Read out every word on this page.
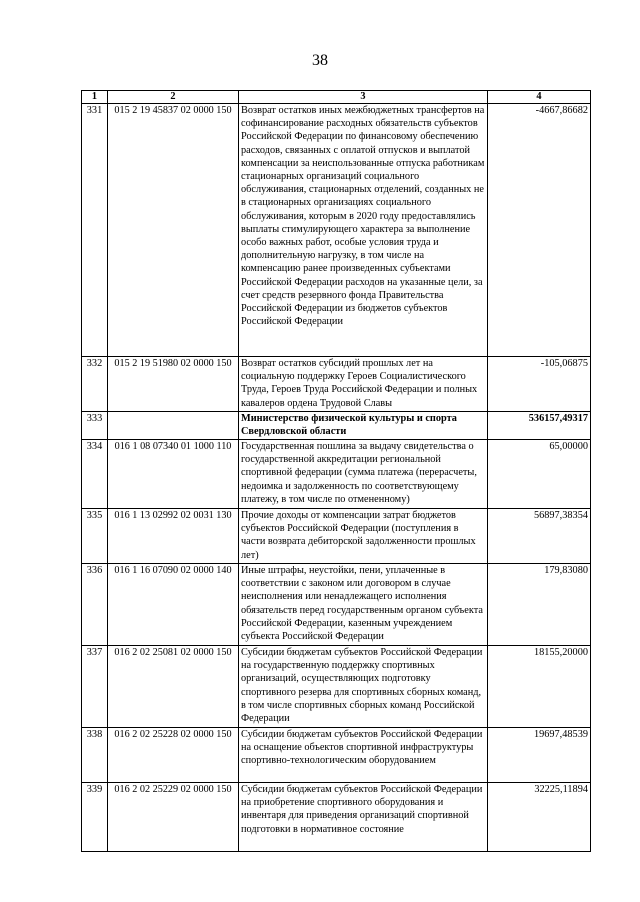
38
1	2	3	4
331	015 2 19 45837 02 0000 150	Возврат остатков иных межбюджетных трансфертов на софинансирование расходных обязательств субъектов Российской Федерации по финансовому обеспечению расходов, связанных с оплатой отпусков и выплатой компенсации за неиспользованные отпуска работникам стационарных организаций социального обслуживания, стационарных отделений, созданных не в стационарных организациях социального обслуживания, которым в 2020 году предоставлялись выплаты стимулирующего характера за выполнение особо важных работ, особые условия труда и дополнительную нагрузку, в том числе на компенсацию ранее произведенных субъектами Российской Федерации расходов на указанные цели, за счет средств резервного фонда Правительства Российской Федерации из бюджетов субъектов Российской Федерации	-4667,86682
332	015 2 19 51980 02 0000 150	Возврат остатков субсидий прошлых лет на социальную поддержку Героев Социалистического Труда, Героев Труда Российской Федерации и полных кавалеров ордена Трудовой Славы	-105,06875
333		Министерство физической культуры и спорта Свердловской области	536157,49317
334	016 1 08 07340 01 1000 110	Государственная пошлина за выдачу свидетельства о государственной аккредитации региональной спортивной федерации (сумма платежа (перерасчеты, недоимка и задолженность по соответствующему платежу, в том числе по отмененному)	65,00000
335	016 1 13 02992 02 0031 130	Прочие доходы от компенсации затрат бюджетов субъектов Российской Федерации (поступления в части возврата дебиторской задолженности прошлых лет)	56897,38354
336	016 1 16 07090 02 0000 140	Иные штрафы, неустойки, пени, уплаченные в соответствии с законом или договором в случае неисполнения или ненадлежащего исполнения обязательств перед государственным органом субъекта Российской Федерации, казенным учреждением субъекта Российской Федерации	179,83080
337	016 2 02 25081 02 0000 150	Субсидии бюджетам субъектов Российской Федерации на государственную поддержку спортивных организаций, осуществляющих подготовку спортивного резерва для спортивных сборных команд, в том числе спортивных сборных команд Российской Федерации	18155,20000
338	016 2 02 25228 02 0000 150	Субсидии бюджетам субъектов Российской Федерации на оснащение объектов спортивной инфраструктуры спортивно-технологическим оборудованием	19697,48539
339	016 2 02 25229 02 0000 150	Субсидии бюджетам субъектов Российской Федерации на приобретение спортивного оборудования и инвентаря для приведения организаций спортивной подготовки в нормативное состояние	32225,11894
